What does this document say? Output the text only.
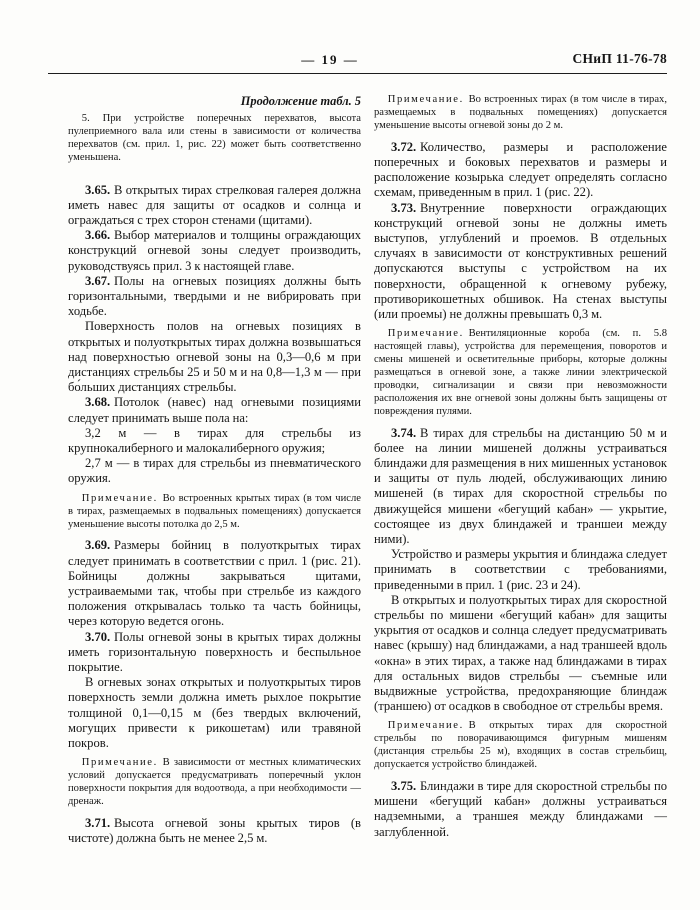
— 19 —	СНиП 11-76-78

Продолжение табл. 5

5. При устройстве поперечных перехватов, высота пулеприемного вала или стены в зависимости от количества перехватов (см. прил. 1, рис. 22) может быть соответственно уменьшена.

3.65. В открытых тирах стрелковая галерея должна иметь навес для защиты от осадков и солнца и ограждаться с трех сторон стенами (щитами).

3.66. Выбор материалов и толщины ограждающих конструкций огневой зоны следует производить, руководствуясь прил. 3 к настоящей главе.

3.67. Полы на огневых позициях должны быть горизонтальными, твердыми и не вибрировать при ходьбе.

Поверхность полов на огневых позициях в открытых и полуоткрытых тирах должна возвышаться над поверхностью огневой зоны на 0,3—0,6 м при дистанциях стрельбы 25 и 50 м и на 0,8—1,3 м — при бо́льших дистанциях стрельбы.

3.68. Потолок (навес) над огневыми позициями следует принимать выше пола на:

3,2 м — в тирах для стрельбы из крупнокалиберного и малокалиберного оружия;

2,7 м — в тирах для стрельбы из пневматического оружия.

Примечание. Во встроенных крытых тирах (в том числе в тирах, размещаемых в подвальных помещениях) допускается уменьшение высоты потолка до 2,5 м.

3.69. Размеры бойниц в полуоткрытых тирах следует принимать в соответствии с прил. 1 (рис. 21). Бойницы должны закрываться щитами, устраиваемыми так, чтобы при стрельбе из каждого положения открывалась только та часть бойницы, через которую ведется огонь.

3.70. Полы огневой зоны в крытых тирах должны иметь горизонтальную поверхность и беспыльное покрытие.

В огневых зонах открытых и полуоткрытых тиров поверхность земли должна иметь рыхлое покрытие толщиной 0,1—0,15 м (без твердых включений, могущих привести к рикошетам) или травяной покров.

Примечание. В зависимости от местных климатических условий допускается предусматривать поперечный уклон поверхности покрытия для водоотвода, а при необходимости — дренаж.

3.71. Высота огневой зоны крытых тиров (в чистоте) должна быть не менее 2,5 м.

Примечание. Во встроенных тирах (в том числе в тирах, размещаемых в подвальных помещениях) допускается уменьшение высоты огневой зоны до 2 м.

3.72. Количество, размеры и расположение поперечных и боковых перехватов и размеры и расположение козырька следует определять согласно схемам, приведенным в прил. 1 (рис. 22).

3.73. Внутренние поверхности ограждающих конструкций огневой зоны не должны иметь выступов, углублений и проемов. В отдельных случаях в зависимости от конструктивных решений допускаются выступы с устройством на их поверхности, обращенной к огневому рубежу, противорикошетных обшивок. На стенах выступы (или проемы) не должны превышать 0,3 м.

Примечание. Вентиляционные короба (см. п. 5.8 настоящей главы), устройства для перемещения, поворотов и смены мишеней и осветительные приборы, которые должны размещаться в огневой зоне, а также линии электрической проводки, сигнализации и связи при невозможности расположения их вне огневой зоны должны быть защищены от повреждения пулями.

3.74. В тирах для стрельбы на дистанцию 50 м и более на линии мишеней должны устраиваться блиндажи для размещения в них мишенных установок и защиты от пуль людей, обслуживающих линию мишеней (в тирах для скоростной стрельбы по движущейся мишени «бегущий кабан» — укрытие, состоящее из двух блиндажей и траншеи между ними).

Устройство и размеры укрытия и блиндажа следует принимать в соответствии с требованиями, приведенными в прил. 1 (рис. 23 и 24).

В открытых и полуоткрытых тирах для скоростной стрельбы по мишени «бегущий кабан» для защиты укрытия от осадков и солнца следует предусматривать навес (крышу) над блиндажами, а над траншеей вдоль «окна» в этих тирах, а также над блиндажами в тирах для остальных видов стрельбы — съемные или выдвижные устройства, предохраняющие блиндаж (траншею) от осадков в свободное от стрельбы время.

Примечание. В открытых тирах для скоростной стрельбы по поворачивающимся фигурным мишеням (дистанция стрельбы 25 м), входящих в состав стрельбищ, допускается устройство блиндажей.

3.75. Блиндажи в тире для скоростной стрельбы по мишени «бегущий кабан» должны устраиваться надземными, а траншея между блиндажами — заглубленной.
